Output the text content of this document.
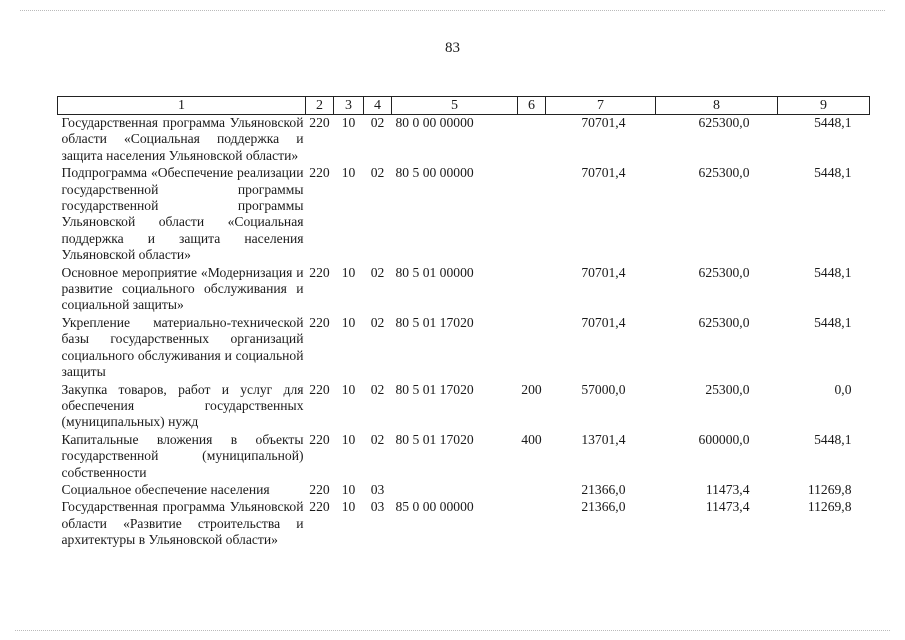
83
1	2	3	4	5	6	7	8	9
Государственная программа Ульяновской области «Социальная поддержка и защита населения Ульяновской области»	220	10	02	80 0 00 00000		70701,4	625300,0	5448,1
Подпрограмма «Обеспечение реализации государственной программы государственной программы Ульяновской области «Социальная поддержка и защита населения Ульяновской области»	220	10	02	80 5 00 00000		70701,4	625300,0	5448,1
Основное мероприятие «Модернизация и развитие социального обслуживания и социальной защиты»	220	10	02	80 5 01 00000		70701,4	625300,0	5448,1
Укрепление материально-технической базы государственных организаций социального обслуживания и социальной защиты	220	10	02	80 5 01 17020		70701,4	625300,0	5448,1
Закупка товаров, работ и услуг для обеспечения государственных (муниципальных) нужд	220	10	02	80 5 01 17020	200	57000,0	25300,0	0,0
Капитальные вложения в объекты государственной (муниципальной) собственности	220	10	02	80 5 01 17020	400	13701,4	600000,0	5448,1
Социальное обеспечение населения	220	10	03			21366,0	11473,4	11269,8
Государственная программа Ульяновской области «Развитие строительства и архитектуры в Ульяновской области»	220	10	03	85 0 00 00000		21366,0	11473,4	11269,8
